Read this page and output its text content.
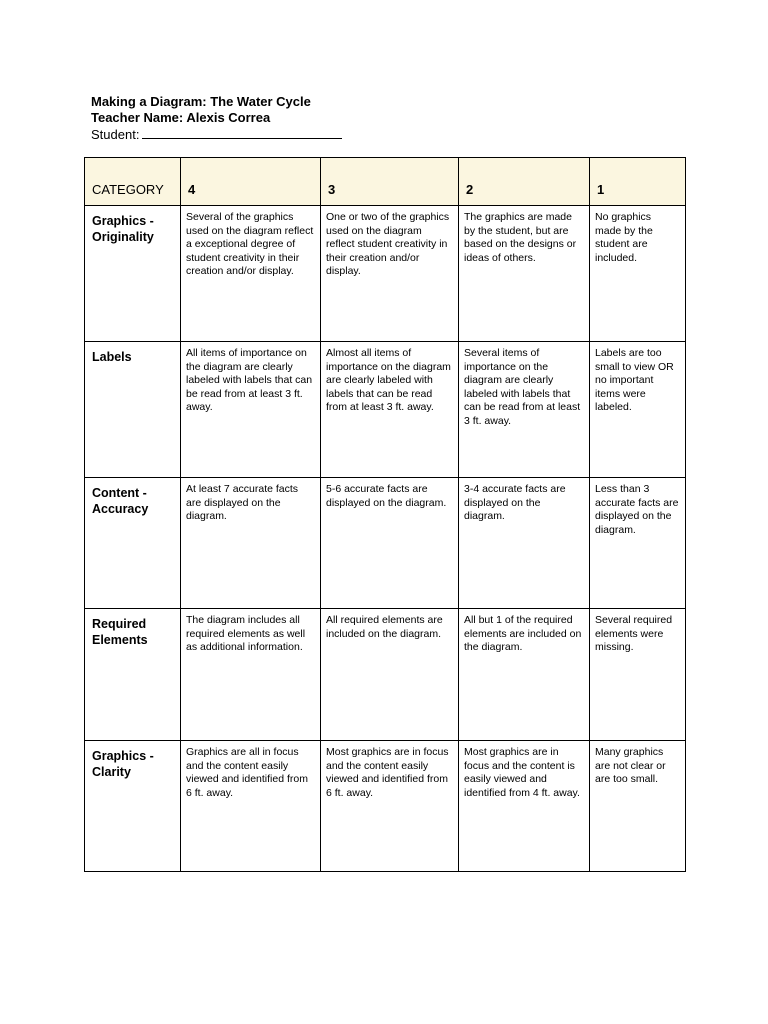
Making a Diagram: The Water Cycle
Teacher Name: Alexis Correa
Student:
CATEGORY	4	3	2	1
Graphics - Originality	Several of the graphics used on the diagram reflect a exceptional degree of student creativity in their creation and/or display.	One or two of the graphics used on the diagram reflect student creativity in their creation and/or display.	The graphics are made by the student, but are based on the designs or ideas of others.	No graphics made by the student are included.
Labels	All items of importance on the diagram are clearly labeled with labels that can be read from at least 3 ft. away.	Almost all items of importance on the diagram are clearly labeled with labels that can be read from at least 3 ft. away.	Several items of importance on the diagram are clearly labeled with labels that can be read from at least 3 ft. away.	Labels are too small to view OR no important items were labeled.
Content - Accuracy	At least 7 accurate facts are displayed on the diagram.	5-6 accurate facts are displayed on the diagram.	3-4 accurate facts are displayed on the diagram.	Less than 3 accurate facts are displayed on the diagram.
Required Elements	The diagram includes all required elements as well as additional information.	All required elements are included on the diagram.	All but 1 of the required elements are included on the diagram.	Several required elements were missing.
Graphics - Clarity	Graphics are all in focus and the content easily viewed and identified from 6 ft. away.	Most graphics are in focus and the content easily viewed and identified from 6 ft. away.	Most graphics are in focus and the content is easily viewed and identified from 4 ft. away.	Many graphics are not clear or are too small.
